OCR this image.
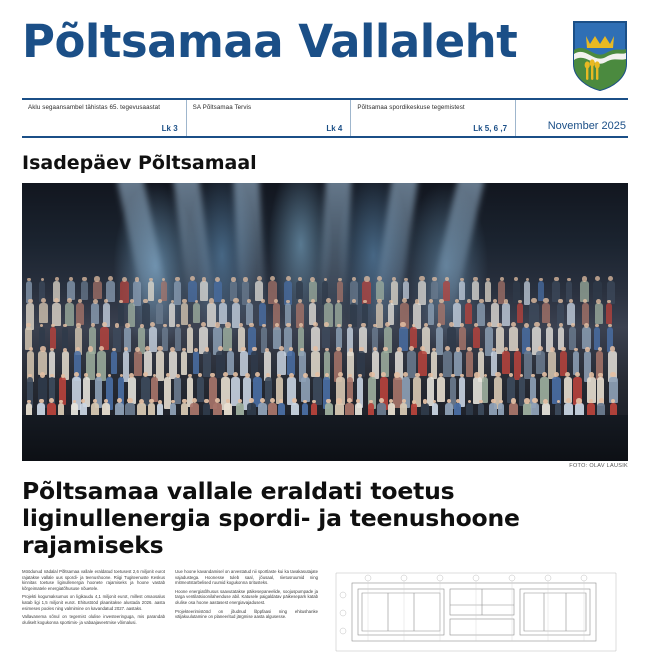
Põltsamaa Vallaleht
Aklu segaansambel tähistas 65. tegevusaastat
Lk 3
SA Põltsamaa Tervis
Lk 4
Põltsamaa spordikeskuse tegemistest
Lk 5, 6 ,7	November 2025
Isadepäev Põltsamaal
FOTO: OLAV LAUSIK
Põltsamaa vallale eraldati toetus liginullenergia spordi- ja teenushoone rajamiseks

Möödunud nädalal Põltsamaa vallale eraldatud toetusest 2,6 miljonit eurot rajatakse vallale uus spordi- ja teenushoone. Riigi Tugiteenuste Keskus kinnitas toetuse liginullenergia hoonete rajamiseks ja hoone vastab kõrgeimatele energiatõhususe nõuetele.

Projekti kogumaksumus on ligikaudu 4,1 miljonit eurot, millest omaosalus katab ligi 1,5 miljonit eurot. Ehitustööd plaanitakse alustada 2026. aasta esimeses pooles ning valmimine on kavandatud 2027. aastaks.

Vallavanema sõnul on tegemist olulise investeeringuga, mis parandab oluliselt kogukonna sportimis- ja vabaajaveetmise võimalusi.

Uue hoone kavandamisel on arvestatud nii sportlaste kui ka tavakasutajate vajadustega. Hoonesse tuleb saal, jõusaal, riietusruumid ning mitmeotstarbelised ruumid kogukonna üritusteks.

Hoone energiatõhusus saavutatakse päikesepaneelide, soojuspumpade ja targa ventilatsioonilahenduse abil. Katusele paigaldatav päikesepark katab olulise osa hoone aastasest energiavajadusest.

Projekteerimistööd on jõudnud lõppfaasi ning ehitushanke väljakuulutamine on planeeritud järgmise aasta algusesse.
